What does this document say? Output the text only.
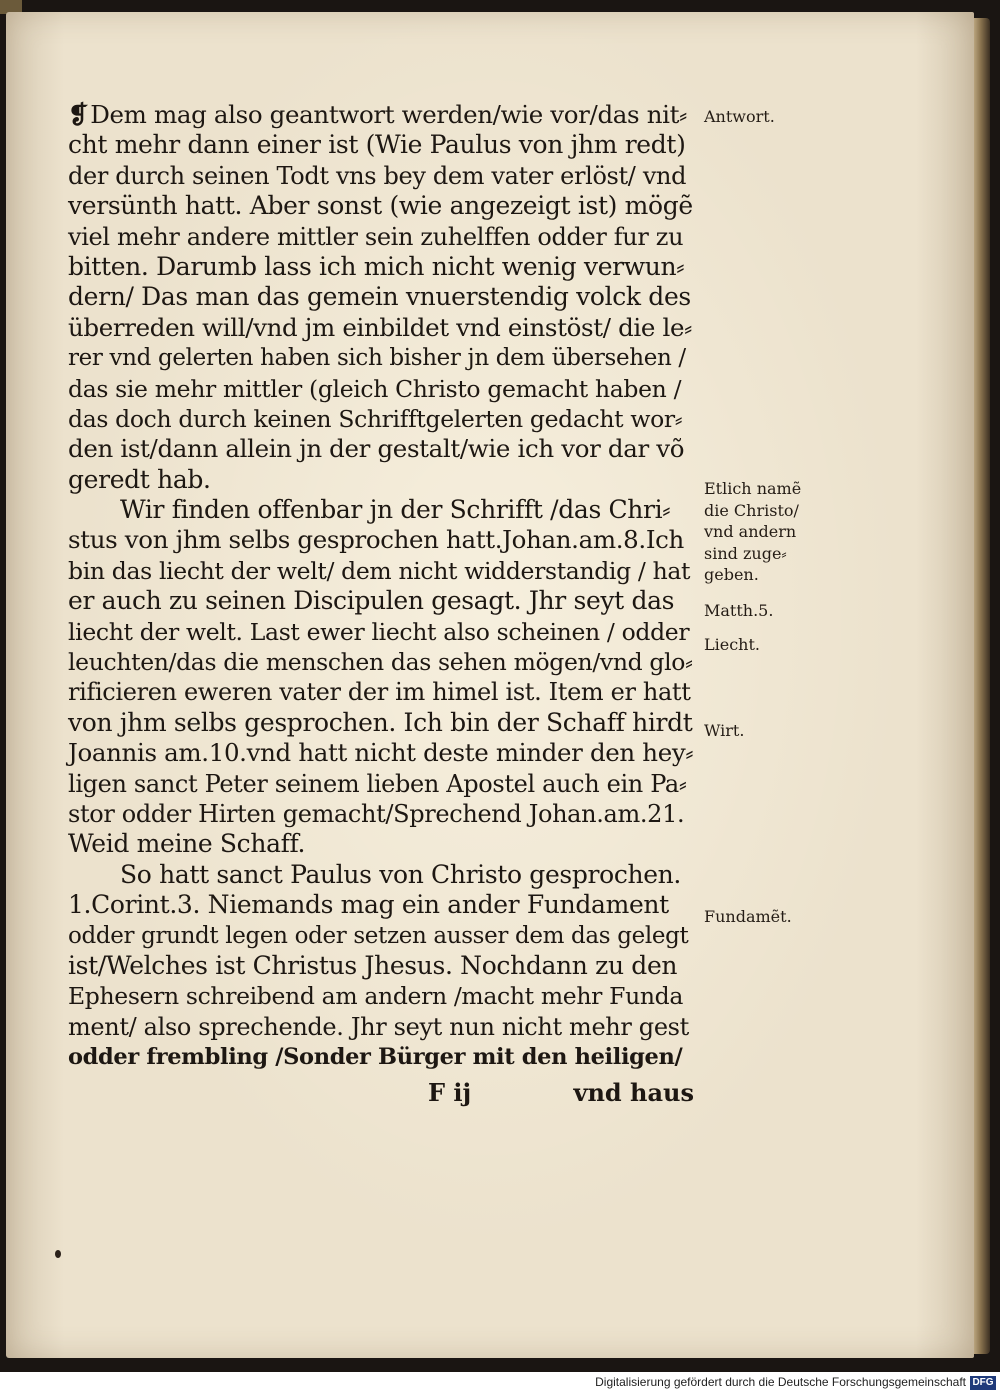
❡Dem mag also geantwort werden/wie vor/das nit⸗
cht mehr dann einer ist (Wie Paulus von jhm redt)
der durch seinen Todt vns bey dem vater erlöst/ vnd
versünth hatt. Aber sonst (wie angezeigt ist) mögẽ
viel mehr andere mittler sein zuhelffen odder fur zu
bitten. Darumb lass ich mich nicht wenig verwun⸗
dern/ Das man das gemein vnuerstendig volck des
überreden will/vnd jm einbildet vnd einstöst/ die le⸗
rer vnd gelerten haben sich bisher jn dem übersehen /
das sie mehr mittler (gleich Christo gemacht haben /
das doch durch keinen Schrifftgelerten gedacht wor⸗
den ist/dann allein jn der gestalt/wie ich vor dar võ
geredt hab.
Wir finden offenbar jn der Schrifft /das Chri⸗
stus von jhm selbs gesprochen hatt.Johan.am.8.Ich
bin das liecht der welt/ dem nicht widderstandig / hat
er auch zu seinen Discipulen gesagt. Jhr seyt das
liecht der welt. Last ewer liecht also scheinen / odder
leuchten/das die menschen das sehen mögen/vnd glo⸗
rificieren eweren vater der im himel ist. Item er hatt
von jhm selbs gesprochen. Ich bin der Schaff hirdt
Joannis am.10.vnd hatt nicht deste minder den hey⸗
ligen sanct Peter seinem lieben Apostel auch ein Pa⸗
stor odder Hirten gemacht/Sprechend Johan.am.21.
Weid meine Schaff.
So hatt sanct Paulus von Christo gesprochen.
1.Corint.3. Niemands mag ein ander Fundament
odder grundt legen oder setzen ausser dem das gelegt
ist/Welches ist Christus Jhesus. Nochdann zu den
Ephesern schreibend am andern /macht mehr Funda
ment/ also sprechende. Jhr seyt nun nicht mehr gest
odder frembling /Sonder Bürger mit den heiligen/
F ij	vnd haus
Antwort.
Etlich namẽ
die Christo/
vnd andern
sind zuge⸗
geben.
Matth.5.
Liecht.
Wirt.
Fundamẽt.
Digitalisierung gefördert durch die Deutsche Forschungsgemeinschaft DFG
